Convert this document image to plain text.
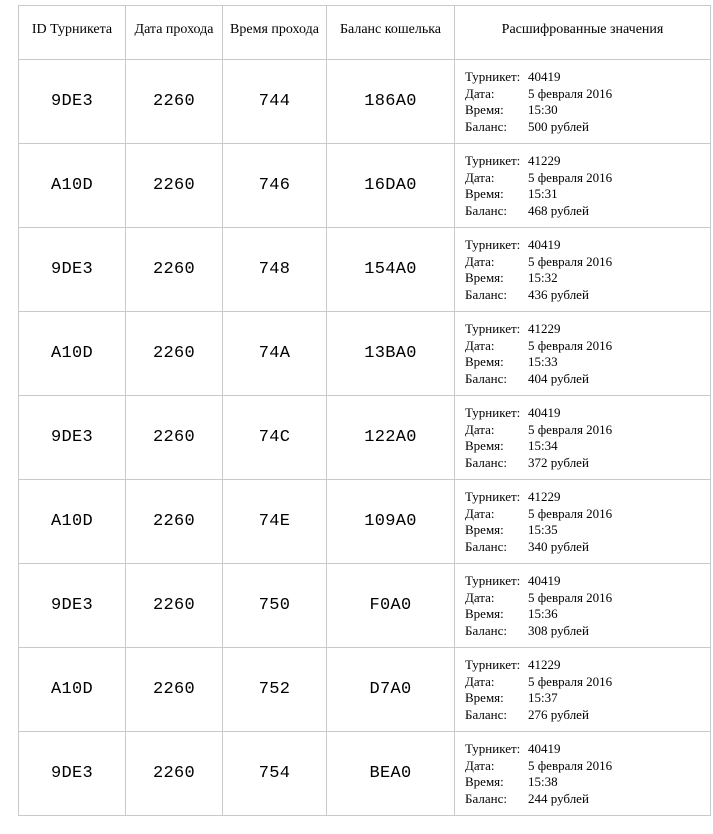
ID Турникета	Дата прохода	Время прохода	Баланс кошелька	Расшифрованные значения
9DE3	2260	744	186A0	Турникет: 40419
Дата: 5 февраля 2016
Время: 15:30
Баланс: 500 рублей

A10D	2260	746	16DA0	Турникет: 41229
Дата: 5 февраля 2016
Время: 15:31
Баланс: 468 рублей

9DE3	2260	748	154A0	Турникет: 40419
Дата: 5 февраля 2016
Время: 15:32
Баланс: 436 рублей

A10D	2260	74A	13BA0	Турникет: 41229
Дата: 5 февраля 2016
Время: 15:33
Баланс: 404 рублей

9DE3	2260	74C	122A0	Турникет: 40419
Дата: 5 февраля 2016
Время: 15:34
Баланс: 372 рублей

A10D	2260	74E	109A0	Турникет: 41229
Дата: 5 февраля 2016
Время: 15:35
Баланс: 340 рублей

9DE3	2260	750	F0A0	Турникет: 40419
Дата: 5 февраля 2016
Время: 15:36
Баланс: 308 рублей

A10D	2260	752	D7A0	Турникет: 41229
Дата: 5 февраля 2016
Время: 15:37
Баланс: 276 рублей

9DE3	2260	754	BEA0	Турникет: 40419
Дата: 5 февраля 2016
Время: 15:38
Баланс: 244 рублей
